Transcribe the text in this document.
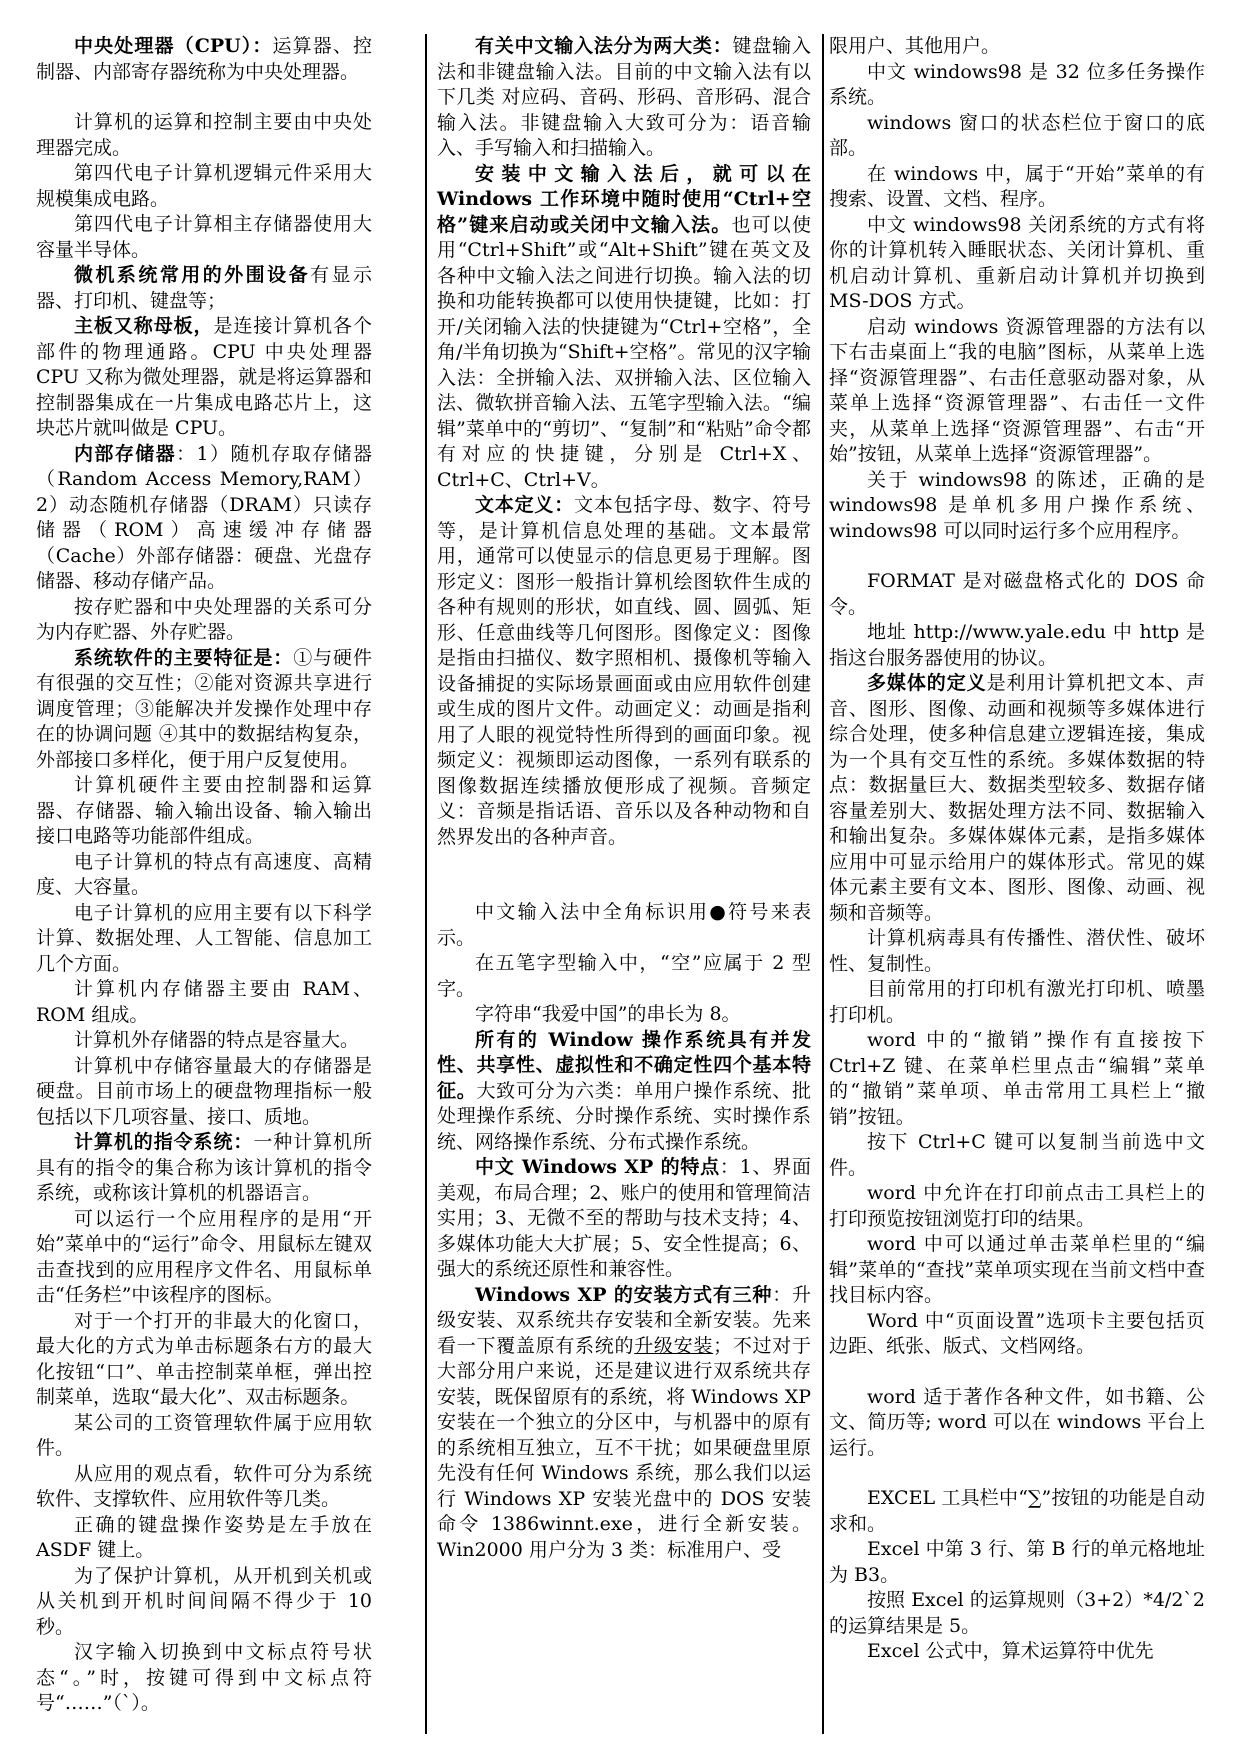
中央处理器（CPU）：运算器、控制器、内部寄存器统称为中央处理器。

计算机的运算和控制主要由中央处理器完成。

第四代电子计算机逻辑元件采用大规模集成电路。

第四代电子计算相主存储器使用大容量半导体。

微机系统常用的外围设备有显示器、打印机、键盘等；

主板又称母板，是连接计算机各个部件的物理通路。CPU 中央处理器 CPU 又称为微处理器，就是将运算器和控制器集成在一片集成电路芯片上，这块芯片就叫做是 CPU。

内部存储器：1）随机存取存储器（Random Access Memory,RAM）2）动态随机存储器（DRAM）只读存储器（ROM）高速缓冲存储器（Cache）外部存储器：硬盘、光盘存储器、移动存储产品。

按存贮器和中央处理器的关系可分为内存贮器、外存贮器。

系统软件的主要特征是：①与硬件有很强的交互性；②能对资源共享进行调度管理；③能解决并发操作处理中存在的协调问题 ④其中的数据结构复杂，外部接口多样化，便于用户反复使用。

计算机硬件主要由控制器和运算器、存储器、输入输出设备、输入输出接口电路等功能部件组成。

电子计算机的特点有高速度、高精度、大容量。

电子计算机的应用主要有以下科学计算、数据处理、人工智能、信息加工几个方面。

计算机内存储器主要由 RAM、ROM 组成。

计算机外存储器的特点是容量大。

计算机中存储容量最大的存储器是硬盘。目前市场上的硬盘物理指标一般包括以下几项容量、接口、质地。

计算机的指令系统：一种计算机所具有的指令的集合称为该计算机的指令系统，或称该计算机的机器语言。

可以运行一个应用程序的是用“开始”菜单中的“运行”命令、用鼠标左键双击查找到的应用程序文件名、用鼠标单击“任务栏”中该程序的图标。

对于一个打开的非最大的化窗口，最大化的方式为单击标题条右方的最大化按钮“口”、单击控制菜单框，弹出控制菜单，选取“最大化”、双击标题条。

某公司的工资管理软件属于应用软件。

从应用的观点看，软件可分为系统软件、支撑软件、应用软件等几类。

正确的键盘操作姿势是左手放在 ASDF 键上。

为了保护计算机，从开机到关机或从关机到开机时间间隔不得少于 10 秒。

汉字输入切换到中文标点符号状态“。”时，按键可得到中文标点符号“……”（`）。

有关中文输入法分为两大类：键盘输入法和非键盘输入法。目前的中文输入法有以下几类 对应码、音码、形码、音形码、混合输入法。非键盘输入大致可分为：语音输入、手写输入和扫描输入。

安装中文输入法后，就可以在 Windows 工作环境中随时使用“Ctrl+空格”键来启动或关闭中文输入法。也可以使用“Ctrl+Shift”或“Alt+Shift”键在英文及各种中文输入法之间进行切换。输入法的切换和功能转换都可以使用快捷键，比如：打开/关闭输入法的快捷键为“Ctrl+空格”，全角/半角切换为“Shift+空格”。常见的汉字输入法：全拼输入法、双拼输入法、区位输入法、微软拼音输入法、五笔字型输入法。“编辑”菜单中的“剪切”、“复制”和“粘贴”命令都有对应的快捷键，分别是 Ctrl+X、Ctrl+C、Ctrl+V。

文本定义：文本包括字母、数字、符号等，是计算机信息处理的基础。文本最常用，通常可以使显示的信息更易于理解。图形定义：图形一般指计算机绘图软件生成的各种有规则的形状，如直线、圆、圆弧、矩形、任意曲线等几何图形。图像定义：图像是指由扫描仪、数字照相机、摄像机等输入设备捕捉的实际场景画面或由应用软件创建或生成的图片文件。动画定义：动画是指利用了人眼的视觉特性所得到的画面印象。视频定义：视频即运动图像，一系列有联系的图像数据连续播放便形成了视频。音频定义：音频是指话语、音乐以及各种动物和自然界发出的各种声音。

中文输入法中全角标识用●符号来表示。

在五笔字型输入中，“空”应属于 2 型字。

字符串“我爱中国”的串长为 8。

所有的 Window 操作系统具有并发性、共享性、虚拟性和不确定性四个基本特征。大致可分为六类：单用户操作系统、批处理操作系统、分时操作系统、实时操作系统、网络操作系统、分布式操作系统。

中文 Windows XP 的特点：1、界面美观，布局合理；2、账户的使用和管理简洁实用；3、无微不至的帮助与技术支持；4、多媒体功能大大扩展；5、安全性提高；6、强大的系统还原性和兼容性。

Windows XP 的安装方式有三种：升级安装、双系统共存安装和全新安装。先来看一下覆盖原有系统的升级安装；不过对于大部分用户来说，还是建议进行双系统共存安装，既保留原有的系统，将 Windows XP 安装在一个独立的分区中，与机器中的原有的系统相互独立，互不干扰；如果硬盘里原先没有任何 Windows 系统，那么我们以运行 Windows XP 安装光盘中的 DOS 安装命令 1386winnt.exe，进行全新安装。Win2000 用户分为 3 类：标准用户、受

限用户、其他用户。

中文 windows98 是 32 位多任务操作系统。

windows 窗口的状态栏位于窗口的底部。

在 windows 中，属于“开始”菜单的有搜索、设置、文档、程序。

中文 windows98 关闭系统的方式有将你的计算机转入睡眠状态、关闭计算机、重机启动计算机、重新启动计算机并切换到 MS-DOS 方式。

启动 windows 资源管理器的方法有以下右击桌面上“我的电脑”图标，从菜单上选择“资源管理器”、右击任意驱动器对象，从菜单上选择“资源管理器”、右击任一文件夹，从菜单上选择“资源管理器”、右击“开始”按钮，从菜单上选择“资源管理器”。

关于 windows98 的陈述，正确的是 windows98 是单机多用户操作系统、windows98 可以同时运行多个应用程序。

FORMAT 是对磁盘格式化的 DOS 命令。

地址 http://www.yale.edu 中 http 是指这台服务器使用的协议。

多媒体的定义是利用计算机把文本、声音、图形、图像、动画和视频等多媒体进行综合处理，使多种信息建立逻辑连接，集成为一个具有交互性的系统。多媒体数据的特点：数据量巨大、数据类型较多、数据存储容量差别大、数据处理方法不同、数据输入和输出复杂。多媒体媒体元素，是指多媒体应用中可显示给用户的媒体形式。常见的媒体元素主要有文本、图形、图像、动画、视频和音频等。

计算机病毒具有传播性、潜伏性、破坏性、复制性。

目前常用的打印机有激光打印机、喷墨打印机。

word 中的“撤销”操作有直接按下 Ctrl+Z 键、在菜单栏里点击“编辑”菜单的“撤销”菜单项、单击常用工具栏上“撤销”按钮。

按下 Ctrl+C 键可以复制当前选中文件。

word 中允许在打印前点击工具栏上的打印预览按钮浏览打印的结果。

word 中可以通过单击菜单栏里的“编辑”菜单的“查找”菜单项实现在当前文档中查找目标内容。

Word 中“页面设置”选项卡主要包括页边距、纸张、版式、文档网络。

word 适于著作各种文件，如书籍、公文、简历等; word 可以在 windows 平台上运行。

EXCEL 工具栏中“∑”按钮的功能是自动求和。

Excel 中第 3 行、第 B 行的单元格地址为 B3。

按照 Excel 的运算规则（3+2）*4/2`2 的运算结果是 5。

Excel 公式中，算术运算符中优先
